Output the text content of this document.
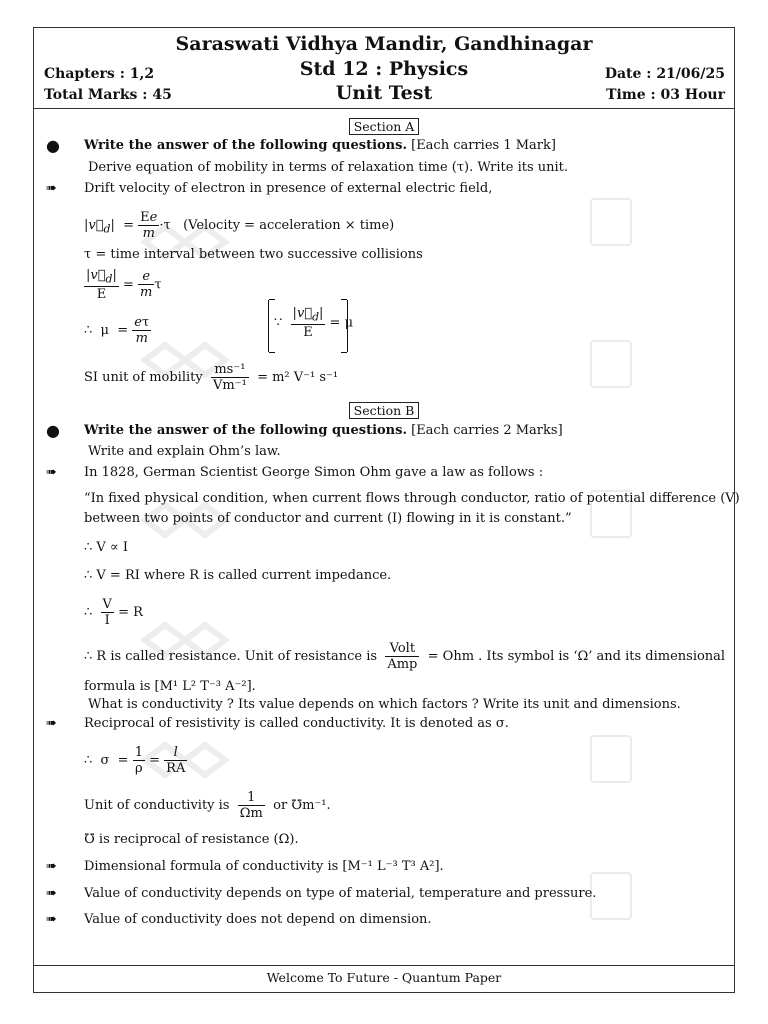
Saraswati Vidhya Mandir, Gandhinagar
Std 12 : Physics
Unit Test
Chapters : 1,2
Total Marks : 45
Date : 21/06/25
Time : 03 Hour
Section A
● Write the answer of the following questions. [Each carries 1 Mark]
Derive equation of mobility in terms of relaxation time (τ). Write its unit.
➠ Drift velocity of electron in presence of external electric field,
$|v⃗_d| = \frac{Ee}{m} \cdot\tau$   (Velocity = acceleration × time)
τ = time interval between two successive collisions
$\frac{|v⃗_d|}{E} = \frac{e}{m}$ τ
∴  $\mu = \frac{e\tau}{m}$	∵ $\frac{|v⃗_d|}{E} = \mu$
SI unit of mobility $\frac{\text{ms⁻¹}}{\text{Vm⁻¹}} = m^2$ V⁻¹ s⁻¹
Section B
● Write the answer of the following questions. [Each carries 2 Marks]
Write and explain Ohm’s law.
➠ In 1828, German Scientist George Simon Ohm gave a law as follows :
“In fixed physical condition, when current flows through conductor, ratio of potential difference (V)
between two points of conductor and current (I) flowing in it is constant.”
∴ V ∝ I
∴ V = RI where R is called current impedance.
∴ $\frac{V}{I} = R$
∴ R is called resistance. Unit of resistance is $\frac{\text{Volt}}{\text{Amp}}$ = Ohm . Its symbol is ‘Ω’ and its dimensional
formula is [M¹ L² T⁻³ A⁻²].
What is conductivity ? Its value depends on which factors ? Write its unit and dimensions.
➠ Reciprocal of resistivity is called conductivity. It is denoted as σ.
∴  $\sigma = \frac{1}{\rho} = \frac{l}{RA}$
Unit of conductivity is $\frac{1}{\Omega m}$ or ℧m⁻¹.
℧ is reciprocal of resistance (Ω).
➠ Dimensional formula of conductivity is [M⁻¹ L⁻³ T³ A²].
➠ Value of conductivity depends on type of material, temperature and pressure.
➠ Value of conductivity does not depend on dimension.
Welcome To Future - Quantum Paper
